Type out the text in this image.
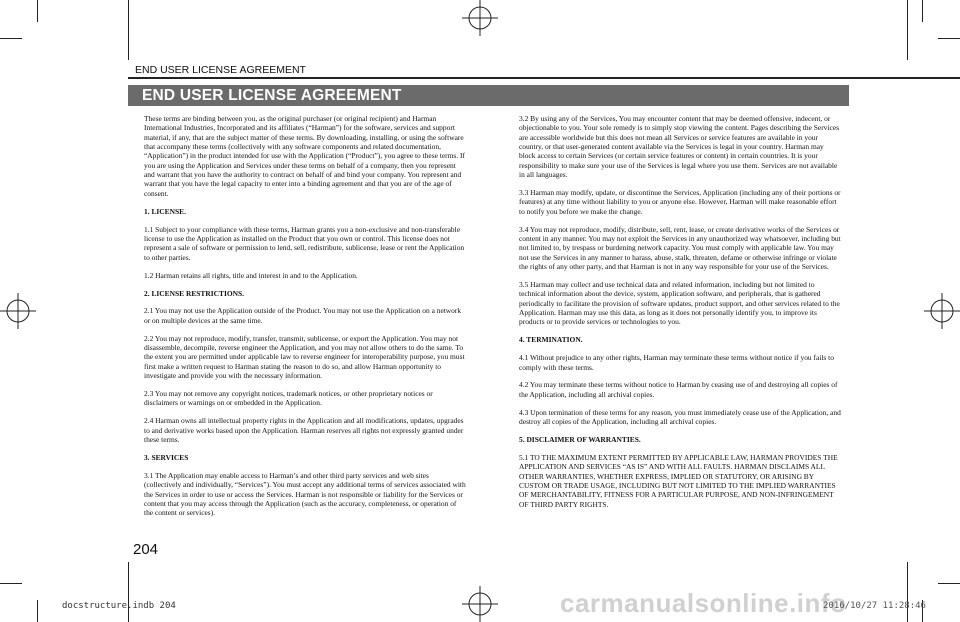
END USER LICENSE AGREEMENT
END USER LICENSE AGREEMENT

These terms are binding between you, as the original purchaser (or original recipient) and Harman International Industries, Incorporated and its affiliates (“Harman”) for the software, services and support material, if any, that are the subject matter of these terms. By downloading, installing, or using the software that accompany these terms (collectively with any software components and related documentation, “Application”) in the product intended for use with the Application (“Product”), you agree to these terms. If you are using the Application and Services under these terms on behalf of a company, then you represent and warrant that you have the authority to contract on behalf of and bind your company. You represent and warrant that you have the legal capacity to enter into a binding agreement and that you are of the age of consent.

1. LICENSE.

1.1 Subject to your compliance with these terms, Harman grants you a non-exclusive and non-transferable license to use the Application as installed on the Product that you own or control. This license does not represent a sale of software or permission to lend, sell, redistribute, sublicense, lease or rent the Application to other parties.

1.2 Harman retains all rights, title and interest in and to the Application.

2. LICENSE RESTRICTIONS.

2.1 You may not use the Application outside of the Product. You may not use the Application on a network or on multiple devices at the same time.

2.2 You may not reproduce, modify, transfer, transmit, sublicense, or export the Application. You may not disassemble, decompile, reverse engineer the Application, and you may not allow others to do the same. To the extent you are permitted under applicable law to reverse engineer for interoperability purpose, you must first make a written request to Harman stating the reason to do so, and allow Harman opportunity to investigate and provide you with the necessary information.

2.3 You may not remove any copyright notices, trademark notices, or other proprietary notices or disclaimers or warnings on or embedded in the Application.

2.4 Harman owns all intellectual property rights in the Application and all modifications, updates, upgrades to and derivative works based upon the Application. Harman reserves all rights not expressly granted under these terms.

3. SERVICES

3.1 The Application may enable access to Harman’s and other third party services and web sites (collectively and individually, “Services”). You must accept any additional terms of services associated with the Services in order to use or access the Services. Harman is not responsible or liability for the Services or content that you may access through the Application (such as the accuracy, completeness, or operation of the content or services).

3.2 By using any of the Services, You may encounter content that may be deemed offensive, indecent, or objectionable to you. Your sole remedy is to simply stop viewing the content. Pages describing the Services are accessible worldwide but this does not mean all Services or service features are available in your country, or that user-generated content available via the Services is legal in your country. Harman may block access to certain Services (or certain service features or content) in certain countries. It is your responsibility to make sure your use of the Services is legal where you use them. Services are not available in all languages.

3.3 Harman may modify, update, or discontinue the Services, Application (including any of their portions or features) at any time without liability to you or anyone else. However, Harman will make reasonable effort to notify you before we make the change.

3.4 You may not reproduce, modify, distribute, sell, rent, lease, or create derivative works of the Services or content in any manner. You may not exploit the Services in any unauthorized way whatsoever, including but not limited to, by trespass or burdening network capacity. You must comply with applicable law. You may not use the Services in any manner to harass, abuse, stalk, threaten, defame or otherwise infringe or violate the rights of any other party, and that Harman is not in any way responsible for your use of the Services.

3.5 Harman may collect and use technical data and related information, including but not limited to technical information about the device, system, application software, and peripherals, that is gathered periodically to facilitate the provision of software updates, product support, and other services related to the Application. Harman may use this data, as long as it does not personally identify you, to improve its products or to provide services or technologies to you.

4. TERMINATION.

4.1 Without prejudice to any other rights, Harman may terminate these terms without notice if you fails to comply with these terms.

4.2 You may terminate these terms without notice to Harman by ceasing use of and destroying all copies of the Application, including all archival copies.

4.3 Upon termination of these terms for any reason, you must immediately cease use of the Application, and destroy all copies of the Application, including all archival copies.

5. DISCLAIMER OF WARRANTIES.

5.1 TO THE MAXIMUM EXTENT PERMITTED BY APPLICABLE LAW, HARMAN PROVIDES THE APPLICATION AND SERVICES “AS IS” AND WITH ALL FAULTS. HARMAN DISCLAIMS ALL OTHER WARRANTIES, WHETHER EXPRESS, IMPLIED OR STATUTORY, OR ARISING BY CUSTOM OR TRADE USAGE, INCLUDING BUT NOT LIMITED TO THE IMPLIED WARRANTIES OF MERCHANTABILITY, FITNESS FOR A PARTICULAR PURPOSE, AND NON-INFRINGEMENT OF THIRD PARTY RIGHTS.

204
docstructure.indb 204	carmanualsonline.info
2016/10/27 11:28:46
